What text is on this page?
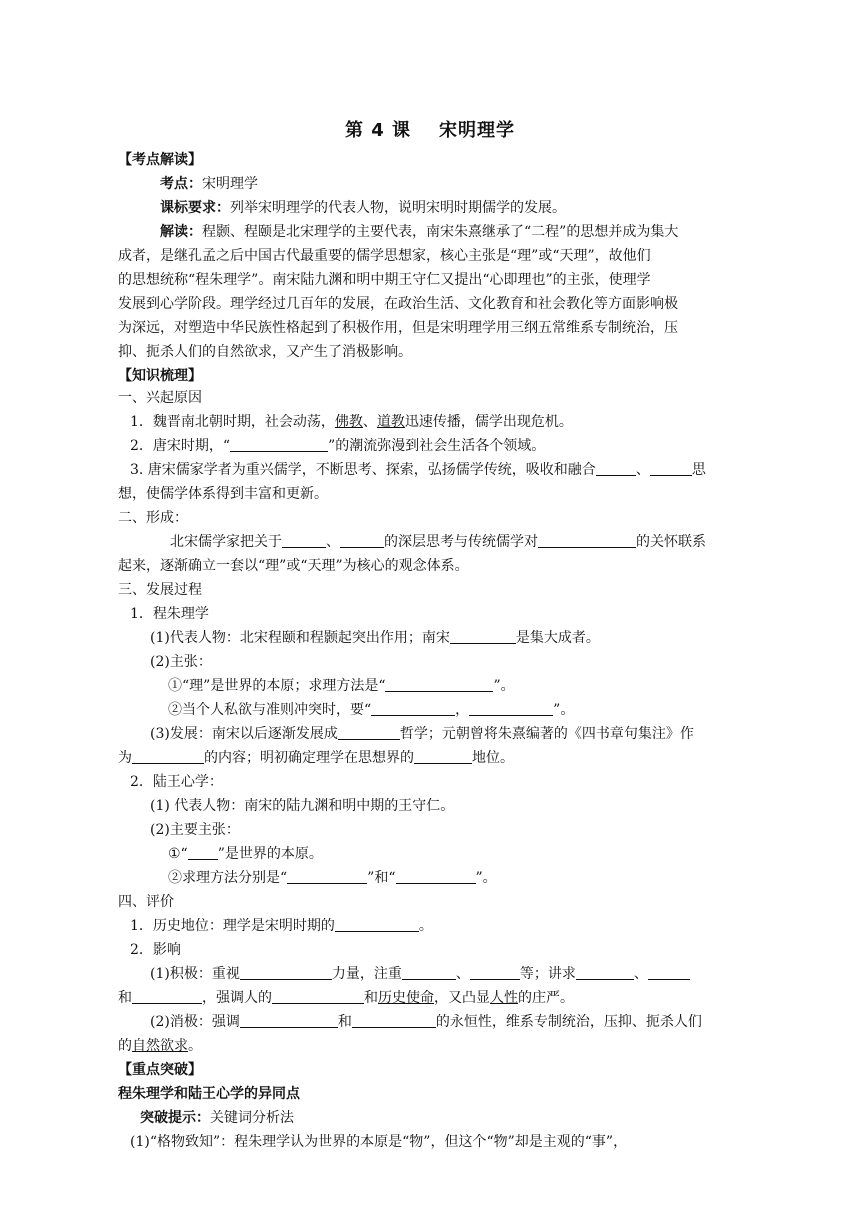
第 4 课 宋明理学
【考点解读】
考点：宋明理学
课标要求：列举宋明理学的代表人物，说明宋明时期儒学的发展。
解读：程颢、程颐是北宋理学的主要代表，南宋朱熹继承了“二程”的思想并成为集大
成者，是继孔孟之后中国古代最重要的儒学思想家，核心主张是“理”或“天理”，故他们
的思想统称“程朱理学”。南宋陆九渊和明中期王守仁又提出“心即理也”的主张，使理学
发展到心学阶段。理学经过几百年的发展，在政治生活、文化教育和社会教化等方面影响极
为深远，对塑造中华民族性格起到了积极作用，但是宋明理学用三纲五常维系专制统治，压
抑、扼杀人们的自然欲求，又产生了消极影响。
【知识梳理】
一、兴起原因
1．魏晋南北朝时期，社会动荡，佛教、道教迅速传播，儒学出现危机。
2．唐宋时期，“	”的潮流弥漫到社会生活各个领域。
3. 唐宋儒家学者为重兴儒学，不断思考、探索，弘扬儒学传统，吸收和融合	、	思
想，使儒学体系得到丰富和更新。
二、形成：
北宋儒学家把关于	、	的深层思考与传统儒学对	的关怀联系
起来，逐渐确立一套以“理”或“天理”为核心的观念体系。
三、发展过程
1．程朱理学
(1)代表人物：北宋程颐和程颢起突出作用；南宋	是集大成者。
(2)主张：
①“理”是世界的本原；求理方法是“	”。
②当个人私欲与准则冲突时，要“	，	”。
(3)发展：南宋以后逐渐发展成	哲学；元朝曾将朱熹编著的《四书章句集注》作
为	的内容；明初确定理学在思想界的	地位。
2．陆王心学：
(1) 代表人物：南宋的陆九渊和明中期的王守仁。
(2)主要主张：
①“ ”是世界的本原。
②求理方法分别是“	”和“	”。
四、评价
1．历史地位：理学是宋明时期的	。
2．影响
(1)积极：重视	力量，注重	、	等；讲求	、
和	，强调人的	和历史使命，又凸显人性的庄严。
(2)消极：强调	和	的永恒性，维系专制统治，压抑、扼杀人们
的自然欲求。
【重点突破】
程朱理学和陆王心学的异同点
突破提示：关键词分析法
(1)“格物致知”：程朱理学认为世界的本原是“物”，但这个“物”却是主观的“事”，
